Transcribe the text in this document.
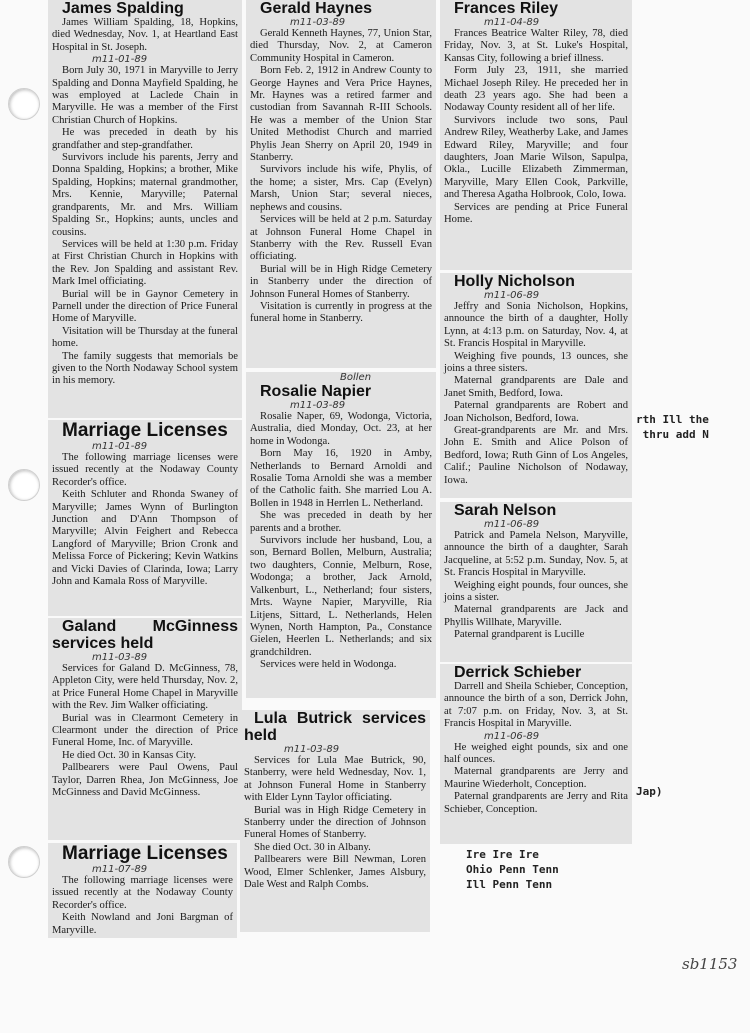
James Spalding

James William Spalding, 18, Hopkins, died Wednesday, Nov. 1, at Heartland East Hospital in St. Joseph.

m11-01-89

Born July 30, 1971 in Maryville to Jerry Spalding and Donna Mayfield Spalding, he was employed at Laclede Chain in Maryville. He was a member of the First Christian Church of Hopkins.

He was preceded in death by his grandfather and step-grandfather.

Survivors include his parents, Jerry and Donna Spalding, Hopkins; a brother, Mike Spalding, Hopkins; maternal grandmother, Mrs. Kennie, Maryville; Paternal grandparents, Mr. and Mrs. William Spalding Sr., Hopkins; aunts, uncles and cousins.

Services will be held at 1:30 p.m. Friday at First Christian Church in Hopkins with the Rev. Jon Spalding and assistant Rev. Mark Imel officiating.

Burial will be in Gaynor Cemetery in Parnell under the direction of Price Funeral Home of Maryville.

Visitation will be Thursday at the funeral home.

The family suggests that memorials be given to the North Nodaway School system in his memory.

Marriage Licenses

m11-01-89

The following marriage licenses were issued recently at the Nodaway County Recorder's office.

Keith Schluter and Rhonda Swaney of Maryville; James Wynn of Burlington Junction and D'Ann Thompson of Maryville; Alvin Feighert and Rebecca Langford of Maryville; Brion Cronk and Melissa Force of Pickering; Kevin Watkins and Vicki Davies of Clarinda, Iowa; Larry John and Kamala Ross of Maryville.

Galand McGinness services held

m11-03-89

Services for Galand D. McGinness, 78, Appleton City, were held Thursday, Nov. 2, at Price Funeral Home Chapel in Maryville with the Rev. Jim Walker officiating.

Burial was in Clearmont Cemetery in Clearmont under the direction of Price Funeral Home, Inc. of Maryville.

He died Oct. 30 in Kansas City.

Pallbearers were Paul Owens, Paul Taylor, Darren Rhea, Jon McGinness, Joe McGinness and David McGinness.

Marriage Licenses

m11-07-89

The following marriage licenses were issued recently at the Nodaway County Recorder's office.

Keith Nowland and Joni Bargman of Maryville.

Gerald Haynes

m11-03-89

Gerald Kenneth Haynes, 77, Union Star, died Thursday, Nov. 2, at Cameron Community Hospital in Cameron.

Born Feb. 2, 1912 in Andrew County to George Haynes and Vera Price Haynes, Mr. Haynes was a retired farmer and custodian from Savannah R-III Schools. He was a member of the Union Star United Methodist Church and married Phylis Jean Sherry on April 20, 1949 in Stanberry.

Survivors include his wife, Phylis, of the home; a sister, Mrs. Cap (Evelyn) Marsh, Union Star; several nieces, nephews and cousins.

Services will be held at 2 p.m. Saturday at Johnson Funeral Home Chapel in Stanberry with the Rev. Russell Evan officiating.

Burial will be in High Ridge Cemetery in Stanberry under the direction of Johnson Funeral Homes of Stanberry.

Visitation is currently in progress at the funeral home in Stanberry.

Bollen

Rosalie Napier

m11-03-89

Rosalie Naper, 69, Wodonga, Victoria, Australia, died Monday, Oct. 23, at her home in Wodonga.

Born May 16, 1920 in Amby, Netherlands to Bernard Arnoldi and Rosalie Toma Arnoldi she was a member of the Catholic faith. She married Lou A. Bollen in 1948 in Herrlen L. Netherland.

She was preceded in death by her parents and a brother.

Survivors include her husband, Lou, a son, Bernard Bollen, Melburn, Australia; two daughters, Connie, Melburn, Rose, Wodonga; a brother, Jack Arnold, Valkenburt, L., Netherland; four sisters, Mrts. Wayne Napier, Maryville, Ria Litjens, Sittard, L. Netherlands, Helen Wynen, North Hampton, Pa., Constance Gielen, Heerlen L. Netherlands; and six grandchildren.

Services were held in Wodonga.

Lula Butrick services held

m11-03-89

Services for Lula Mae Butrick, 90, Stanberry, were held Wednesday, Nov. 1, at Johnson Funeral Home in Stanberry with Elder Lynn Taylor officiating.

Burial was in High Ridge Cemetery in Stanberry under the direction of Johnson Funeral Homes of Stanberry.

She died Oct. 30 in Albany.

Pallbearers were Bill Newman, Loren Wood, Elmer Schlenker, James Alsbury, Dale West and Ralph Combs.

Frances Riley

m11-04-89

Frances Beatrice Walter Riley, 78, died Friday, Nov. 3, at St. Luke's Hospital, Kansas City, following a brief illness.

Form July 23, 1911, she married Michael Joseph Riley. He preceded her in death 23 years ago. She had been a Nodaway County resident all of her life.

Survivors include two sons, Paul Andrew Riley, Weatherby Lake, and James Edward Riley, Maryville; and four daughters, Joan Marie Wilson, Sapulpa, Okla., Lucille Elizabeth Zimmerman, Maryville, Mary Ellen Cook, Parkville, and Theresa Agatha Holbrook, Colo, Iowa.

Services are pending at Price Funeral Home.

Holly Nicholson

m11-06-89

Jeffry and Sonia Nicholson, Hopkins, announce the birth of a daughter, Holly Lynn, at 4:13 p.m. on Saturday, Nov. 4, at St. Francis Hospital in Maryville.

Weighing five pounds, 13 ounces, she joins a three sisters.

Maternal grandparents are Dale and Janet Smith, Bedford, Iowa.

Paternal grandparents are Robert and Joan Nicholson, Bedford, Iowa.

Great-grandparents are Mr. and Mrs. John E. Smith and Alice Polson of Bedford, Iowa; Ruth Ginn of Los Angeles, Calif.; Pauline Nicholson of Nodaway, Iowa.

Sarah Nelson

m11-06-89

Patrick and Pamela Nelson, Maryville, announce the birth of a daughter, Sarah Jacqueline, at 5:52 p.m. Sunday, Nov. 5, at St. Francis Hospital in Maryville.

Weighing eight pounds, four ounces, she joins a sister.

Maternal grandparents are Jack and Phyllis Willhate, Maryville.

Paternal grandparent is Lucille

Derrick Schieber

Darrell and Sheila Schieber, Conception, announce the birth of a son, Derrick John, at 7:07 p.m. on Friday, Nov. 3, at St. Francis Hospital in Maryville.

m11-06-89

He weighed eight pounds, six and one half ounces.

Maternal grandparents are Jerry and Maurine Wiederholt, Conception.

Paternal grandparents are Jerry and Rita Schieber, Conception.

rth Ill the
thru add N
Jap)
Ire Ire Ire
Ohio Penn Tenn
Ill Penn Tenn
sb1153
